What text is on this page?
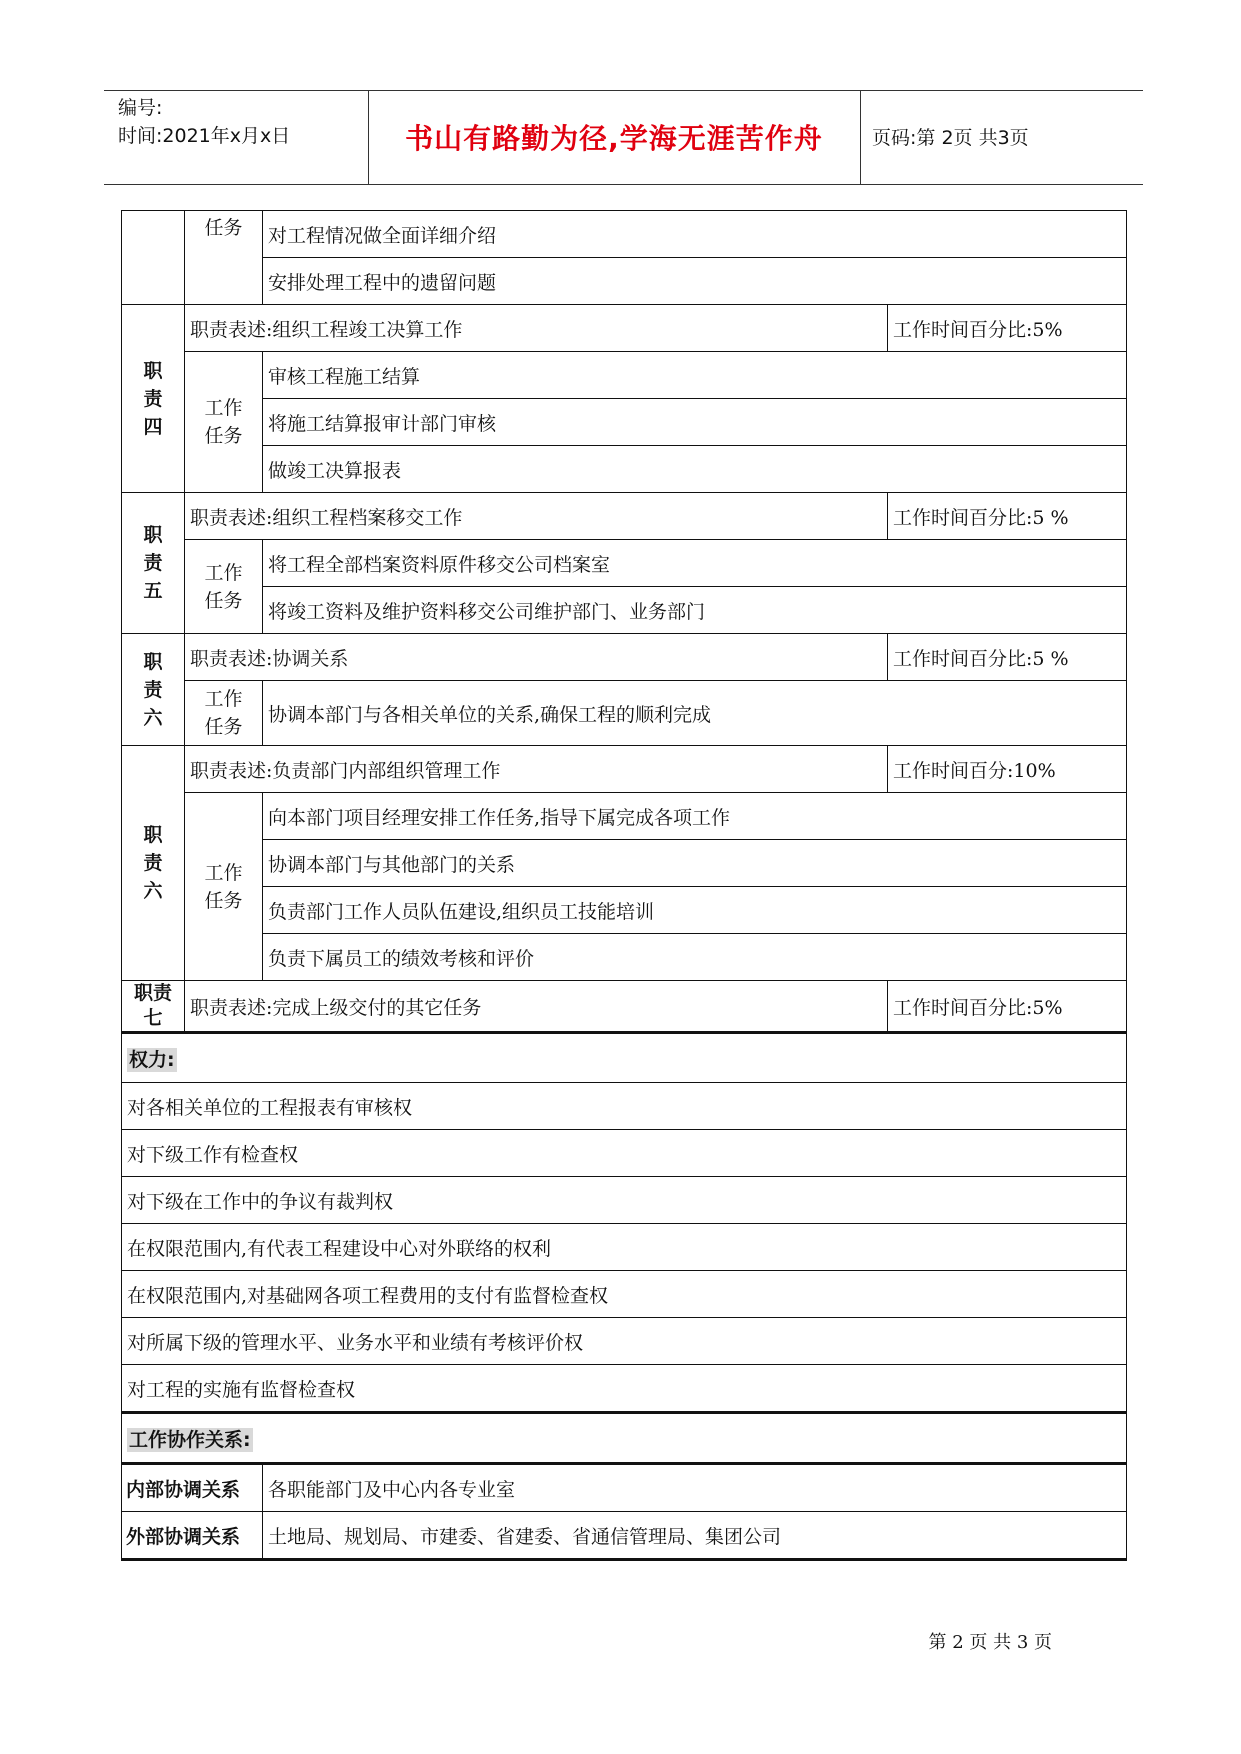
编号:
时间:2021年x月x日	书山有路勤为径,学海无涯苦作舟	页码:第 2页 共3页
	任务	对工程情况做全面详细介绍	
		安排处理工程中的遗留问题	
职
责
四	职责表述:组织工程竣工决算工作		工作时间百分比:5%
	工作
任务	审核工程施工结算	
		将施工结算报审计部门审核	
		做竣工决算报表	
职
责
五	职责表述:组织工程档案移交工作		工作时间百分比:5 %
	工作
任务	将工程全部档案资料原件移交公司档案室	
		将竣工资料及维护资料移交公司维护部门、业务部门	
职
责
六	职责表述:协调关系		工作时间百分比:5 %
	工作
任务	协调本部门与各相关单位的关系,确保工程的顺利完成	
职
责
六	职责表述:负责部门内部组织管理工作		工作时间百分:10%
	工作
任务	向本部门项目经理安排工作任务,指导下属完成各项工作	
		协调本部门与其他部门的关系	
		负责部门工作人员队伍建设,组织员工技能培训	
		负责下属员工的绩效考核和评价	
职责
七	职责表述:完成上级交付的其它任务		工作时间百分比:5%
权力:			
对各相关单位的工程报表有审核权			
对下级工作有检查权			
对下级在工作中的争议有裁判权			
在权限范围内,有代表工程建设中心对外联络的权利			
在权限范围内,对基础网各项工程费用的支付有监督检查权			
对所属下级的管理水平、业务水平和业绩有考核评价权			
对工程的实施有监督检查权			
工作协作关系:			
内部协调关系		各职能部门及中心内各专业室	
外部协调关系		土地局、规划局、市建委、省建委、省通信管理局、集团公司	
第 2 页 共 3 页
